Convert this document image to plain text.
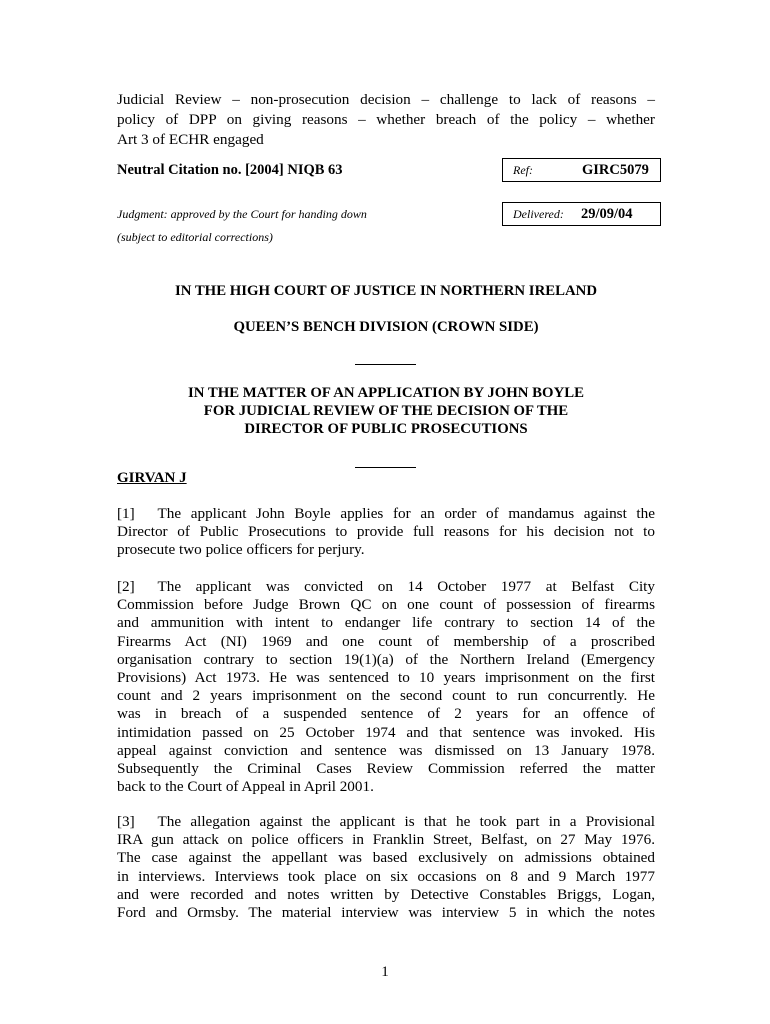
Judicial Review – non-prosecution decision – challenge to lack of reasons –
policy of DPP on giving reasons – whether breach of the policy – whether
Art 3 of ECHR engaged
Neutral Citation no. [2004] NIQB 63	Ref:	GIRC5079
Judgment: approved by the Court for handing down	Delivered: 29/09/04
(subject to editorial corrections)
IN THE HIGH COURT OF JUSTICE IN NORTHERN IRELAND
QUEEN’S BENCH DIVISION (CROWN SIDE)
IN THE MATTER OF AN APPLICATION BY JOHN BOYLE
FOR JUDICIAL REVIEW OF THE DECISION OF THE
DIRECTOR OF PUBLIC PROSECUTIONS
GIRVAN J
[1]  The applicant John Boyle applies for an order of mandamus against the
Director of Public Prosecutions to provide full reasons for his decision not to
prosecute two police officers for perjury.
[2]  The applicant was convicted on 14 October 1977 at Belfast City
Commission before Judge Brown QC on one count of possession of firearms
and ammunition with intent to endanger life contrary to section 14 of the
Firearms Act (NI) 1969 and one count of membership of a proscribed
organisation contrary to section 19(1)(a) of the Northern Ireland (Emergency
Provisions) Act 1973. He was sentenced to 10 years imprisonment on the first
count and 2 years imprisonment on the second count to run concurrently. He
was in breach of a suspended sentence of 2 years for an offence of
intimidation passed on 25 October 1974 and that sentence was invoked. His
appeal against conviction and sentence was dismissed on 13 January 1978.
Subsequently the Criminal Cases Review Commission referred the matter
back to the Court of Appeal in April 2001.
[3]  The allegation against the applicant is that he took part in a Provisional
IRA gun attack on police officers in Franklin Street, Belfast, on 27 May 1976.
The case against the appellant was based exclusively on admissions obtained
in interviews. Interviews took place on six occasions on 8 and 9 March 1977
and were recorded and notes written by Detective Constables Briggs, Logan,
Ford and Ormsby. The material interview was interview 5 in which the notes
1
